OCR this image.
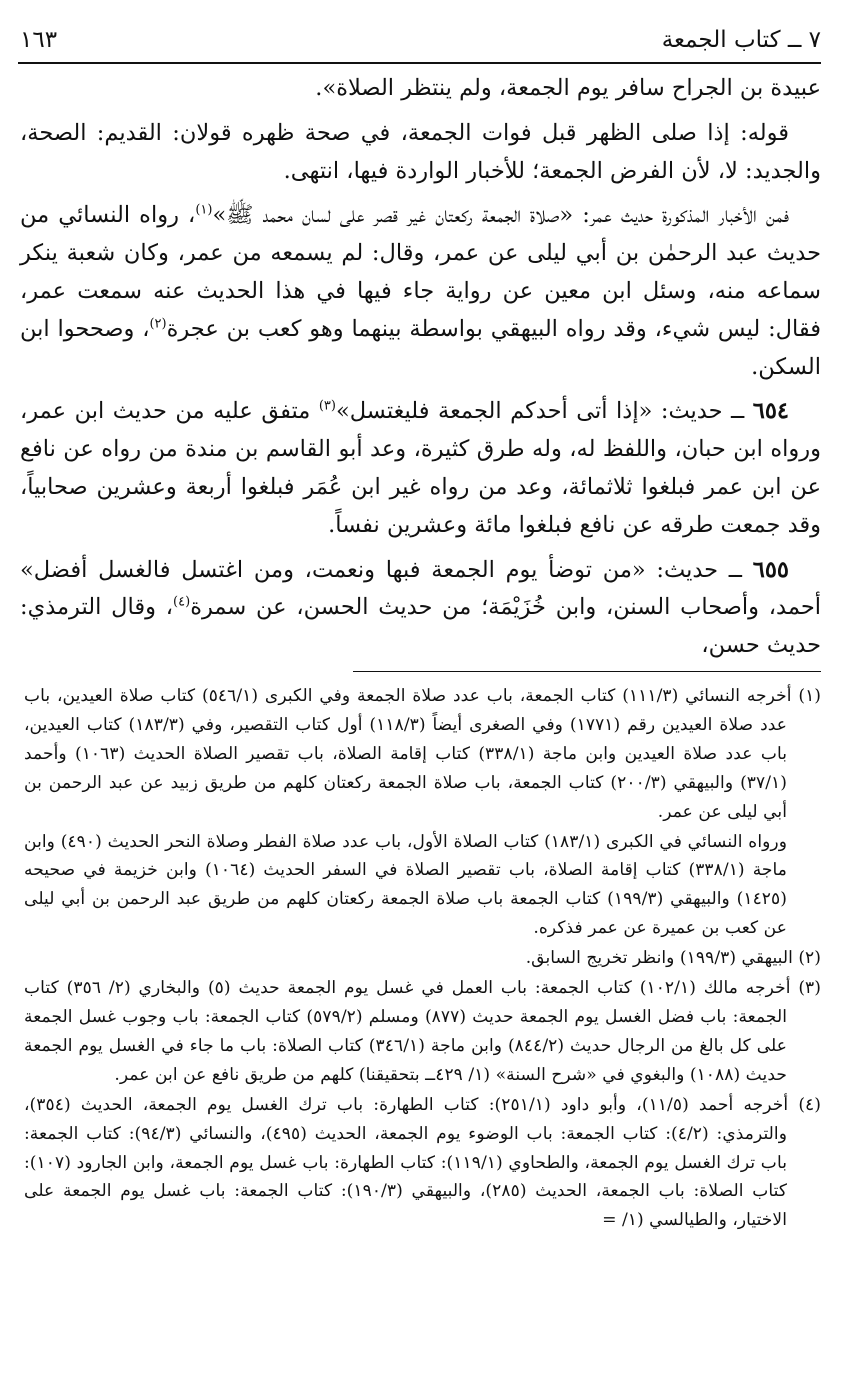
٧ ــ كتاب الجمعة
١٦٣

عبيدة بن الجراح سافر يوم الجمعة، ولم ينتظر الصلاة».

قوله: إذا صلى الظهر قبل فوات الجمعة، في صحة ظهره قولان: القديم: الصحة، والجديد: لا، لأن الفرض الجمعة؛ للأخبار الواردة فيها، انتهى.

فمن الأخبار المذكورة حديث عمر: «صلاة الجمعة ركعتان غير قصر على لسان محمد ﷺ»$^{(١)}$، رواه النسائي من حديث عبد الرحمٰن بن أبي ليلى عن عمر، وقال: لم يسمعه من عمر، وكان شعبة ينكر سماعه منه، وسئل ابن معين عن رواية جاء فيها في هذا الحديث عنه سمعت عمر، فقال: ليس شيء، وقد رواه البيهقي بواسطة بينهما وهو كعب بن عجرة$^{(٢)}$، وصححوا ابن السكن.

٦٥٤ ــ حديث: «إذا أتى أحدكم الجمعة فليغتسل»$^{(٣)}$ متفق عليه من حديث ابن عمر، ورواه ابن حبان، واللفظ له، وله طرق كثيرة، وعد أبو القاسم بن مندة من رواه عن نافع عن ابن عمر فبلغوا ثلاثمائة، وعد من رواه غير ابن عُمَر فبلغوا أربعة وعشرين صحابياً، وقد جمعت طرقه عن نافع فبلغوا مائة وعشرين نفساً.

٦٥٥ ــ حديث: «من توضأ يوم الجمعة فبها ونعمت، ومن اغتسل فالغسل أفضل» أحمد، وأصحاب السنن، وابن خُزَيْمَة؛ من حديث الحسن، عن سمرة$^{(٤)}$، وقال الترمذي: حديث حسن،

(١) أخرجه النسائي (١١١/٣) كتاب الجمعة، باب عدد صلاة الجمعة وفي الكبرى (٥٤٦/١) كتاب صلاة العيدين، باب عدد صلاة العيدين رقم (١٧٧١) وفي الصغرى أيضاً (١١٨/٣) أول كتاب التقصير، وفي (١٨٣/٣) كتاب العيدين، باب عدد صلاة العيدين وابن ماجة (٣٣٨/١) كتاب إقامة الصلاة، باب تقصير الصلاة الحديث (١٠٦٣) وأحمد (٣٧/١) والبيهقي (٢٠٠/٣) كتاب الجمعة، باب صلاة الجمعة ركعتان كلهم من طريق زبيد عن عبد الرحمن بن أبي ليلى عن عمر.

ورواه النسائي في الكبرى (١٨٣/١) كتاب الصلاة الأول، باب عدد صلاة الفطر وصلاة النحر الحديث (٤٩٠) وابن ماجة (٣٣٨/١) كتاب إقامة الصلاة، باب تقصير الصلاة في السفر الحديث (١٠٦٤) وابن خزيمة في صحيحه (١٤٢٥) والبيهقي (١٩٩/٣) كتاب الجمعة باب صلاة الجمعة ركعتان كلهم من طريق عبد الرحمن بن أبي ليلى عن كعب بن عميرة عن عمر فذكره.

(٢) البيهقي (١٩٩/٣) وانظر تخريج السابق.

(٣) أخرجه مالك (١٠٢/١) كتاب الجمعة: باب العمل في غسل يوم الجمعة حديث (٥) والبخاري (٢/ ٣٥٦) كتاب الجمعة: باب فضل الغسل يوم الجمعة حديث (٨٧٧) ومسلم (٥٧٩/٢) كتاب الجمعة: باب وجوب غسل الجمعة على كل بالغ من الرجال حديث (٨٤٤/٢) وابن ماجة (٣٤٦/١) كتاب الصلاة: باب ما جاء في الغسل يوم الجمعة حديث (١٠٨٨) والبغوي في «شرح السنة» (١/ ٤٢٩ــ بتحقيقنا) كلهم من طريق نافع عن ابن عمر.

(٤) أخرجه أحمد (١١/٥)، وأبو داود (٢٥١/١): كتاب الطهارة: باب ترك الغسل يوم الجمعة، الحديث (٣٥٤)، والترمذي: (٤/٢): كتاب الجمعة: باب الوضوء يوم الجمعة، الحديث (٤٩٥)، والنسائي (٩٤/٣): كتاب الجمعة: باب ترك الغسل يوم الجمعة، والطحاوي (١١٩/١): كتاب الطهارة: باب غسل يوم الجمعة، وابن الجارود (١٠٧): كتاب الصلاة: باب الجمعة، الحديث (٢٨٥)، والبيهقي (١٩٠/٣): كتاب الجمعة: باب غسل يوم الجمعة على الاختيار، والطيالسي (١/ =
